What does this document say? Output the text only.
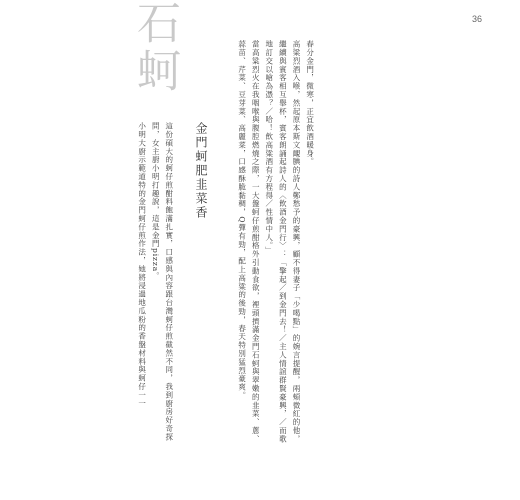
36
石蚵	春分金門，微寒，正宜飲酒暖身。

高粱烈酒入喉，然起原本斯文靦腆的詩人鄭愁予的豪興，顧不得妻子「少喝點」的婉言提醒，兩頰微紅的他，繼續與賓客相互舉杯，賓客朗誦起詩人的〈飲酒金門行〉：「擎起／到金門去！／主人情誼群賢豪興，／而歌地訂交以嗆為憑？／哈！飲高粱酒有方程得／性情中人。」

當高粱烈火在我咽喉與腹腔燃燒之際，一大盤蚵仔煎酣格外引動食欲，裡頭擠滿金門石蚵與翠嫩的韭菜、蔥、蒜苗、芹菜、豆芽菜、高麗菜，口感酥脆黏稠，Q彈有勁，配上高粱的後勁，春天特別猛烈豪爽。

金門蚵肥韭菜香

這份碩大的蚵仔煎酣料飽滿扎實，口感與內容跟台灣蚵仔煎截然不同，我到廚房好奇探問，女主廚小明打趣說，這是金門pizza。

小明大廚示範道特的金門蚵仔煎作法，她將浸過地瓜粉的香盤材料與蚵仔一一
